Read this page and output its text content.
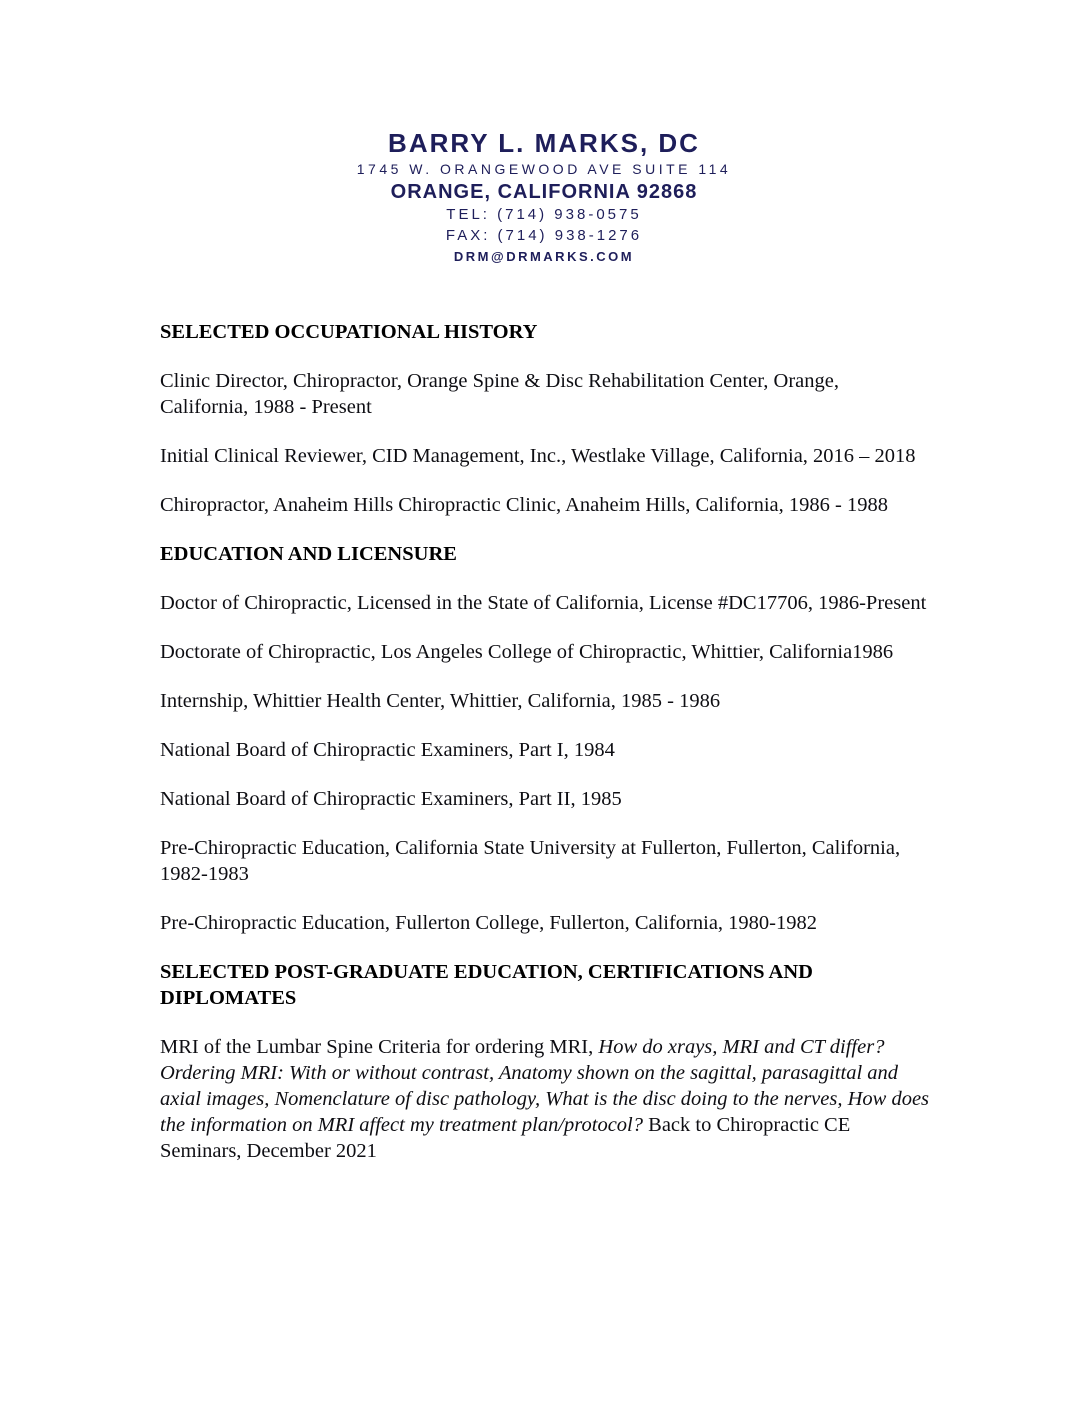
BARRY L. MARKS, DC
1745 W. ORANGEWOOD AVE SUITE 114
ORANGE, CALIFORNIA 92868
TEL: (714) 938-0575
FAX: (714) 938-1276
DRM@DRMARKS.COM
SELECTED OCCUPATIONAL HISTORY

Clinic Director, Chiropractor, Orange Spine & Disc Rehabilitation Center, Orange, California, 1988 - Present

Initial Clinical Reviewer, CID Management, Inc., Westlake Village, California, 2016 – 2018

Chiropractor, Anaheim Hills Chiropractic Clinic, Anaheim Hills, California, 1986 - 1988

EDUCATION AND LICENSURE

Doctor of Chiropractic, Licensed in the State of California, License #DC17706, 1986-Present

Doctorate of Chiropractic, Los Angeles College of Chiropractic, Whittier, California1986

Internship, Whittier Health Center, Whittier, California, 1985 - 1986

National Board of Chiropractic Examiners, Part I, 1984

National Board of Chiropractic Examiners, Part II, 1985

Pre-Chiropractic Education, California State University at Fullerton, Fullerton, California, 1982-1983

Pre-Chiropractic Education, Fullerton College, Fullerton, California, 1980-1982

SELECTED POST-GRADUATE EDUCATION, CERTIFICATIONS AND DIPLOMATES

MRI of the Lumbar Spine Criteria for ordering MRI, How do xrays, MRI and CT differ? Ordering MRI: With or without contrast, Anatomy shown on the sagittal, parasagittal and axial images, Nomenclature of disc pathology, What is the disc doing to the nerves, How does the information on MRI affect my treatment plan/protocol? Back to Chiropractic CE Seminars, December 2021
